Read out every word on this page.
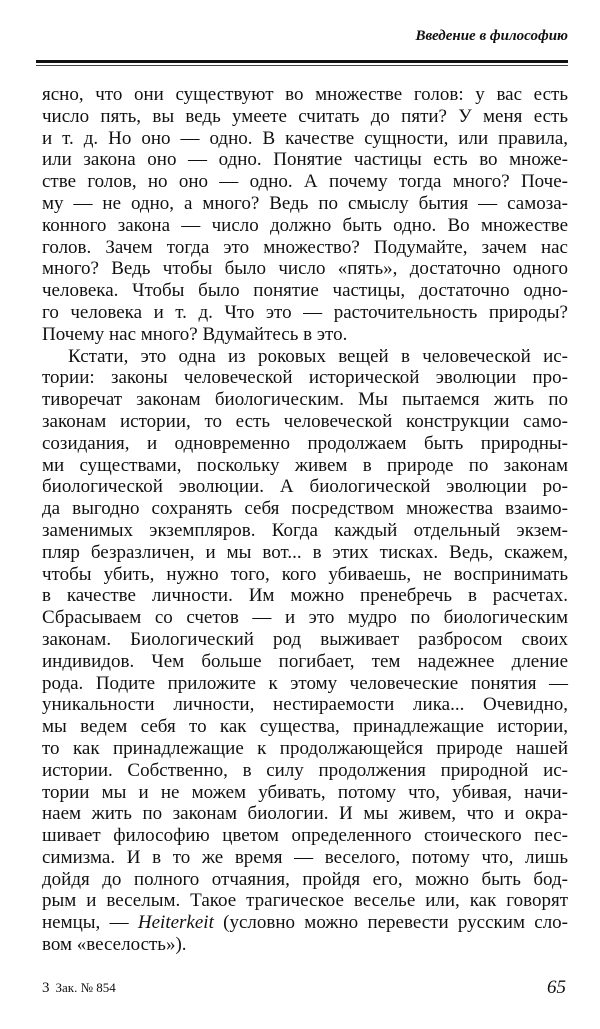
Введение в философию
ясно, что они существуют во множестве голов: у вас есть
число пять, вы ведь умеете считать до пяти? У меня есть
и т. д. Но оно — одно. В качестве сущности, или правила,
или закона оно — одно. Понятие частицы есть во множе-
стве голов, но оно — одно. А почему тогда много? Поче-
му — не одно, а много? Ведь по смыслу бытия — самоза-
конного закона — число должно быть одно. Во множестве
голов. Зачем тогда это множество? Подумайте, зачем нас
много? Ведь чтобы было число «пять», достаточно одного
человека. Чтобы было понятие частицы, достаточно одно-
го человека и т. д. Что это — расточительность природы?
Почему нас много? Вдумайтесь в это.
Кстати, это одна из роковых вещей в человеческой ис-
тории: законы человеческой исторической эволюции про-
тиворечат законам биологическим. Мы пытаемся жить по
законам истории, то есть человеческой конструкции само-
созидания, и одновременно продолжаем быть природны-
ми существами, поскольку живем в природе по законам
биологической эволюции. А биологической эволюции ро-
да выгодно сохранять себя посредством множества взаимо-
заменимых экземпляров. Когда каждый отдельный экзем-
пляр безразличен, и мы вот... в этих тисках. Ведь, скажем,
чтобы убить, нужно того, кого убиваешь, не воспринимать
в качестве личности. Им можно пренебречь в расчетах.
Сбрасываем со счетов — и это мудро по биологическим
законам. Биологический род выживает разбросом своих
индивидов. Чем больше погибает, тем надежнее дление
рода. Подите приложите к этому человеческие понятия —
уникальности личности, нестираемости лика... Очевидно,
мы ведем себя то как существа, принадлежащие истории,
то как принадлежащие к продолжающейся природе нашей
истории. Собственно, в силу продолжения природной ис-
тории мы и не можем убивать, потому что, убивая, начи-
наем жить по законам биологии. И мы живем, что и окра-
шивает философию цветом определенного стоического пес-
симизма. И в то же время — веселого, потому что, лишь
дойдя до полного отчаяния, пройдя его, можно быть бод-
рым и веселым. Такое трагическое веселье или, как говорят
немцы, — Heiterkeit (условно можно перевести русским сло-
вом «веселость»).
3 Зак. № 854	65
